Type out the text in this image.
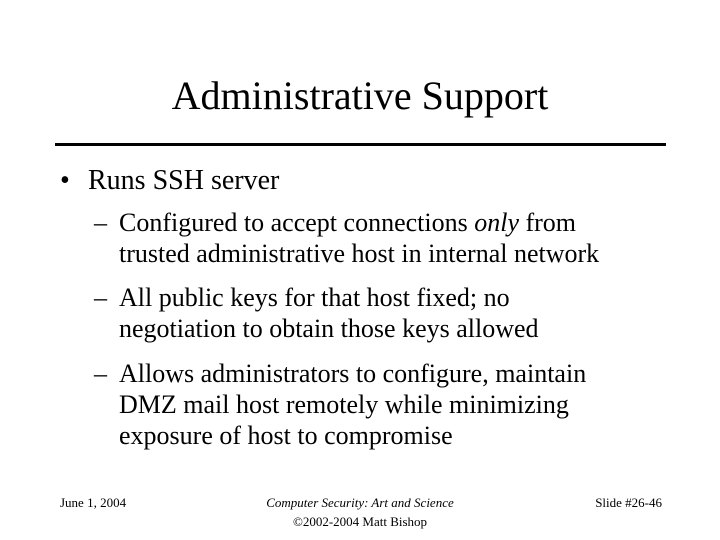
Administrative Support
• Runs SSH server
– Configured to accept connections only from
trusted administrative host in internal network
– All public keys for that host fixed; no
negotiation to obtain those keys allowed
– Allows administrators to configure, maintain
DMZ mail host remotely while minimizing
exposure of host to compromise
June 1, 2004	Computer Security: Art and Science
©2002-2004 Matt Bishop
Slide #26-46
